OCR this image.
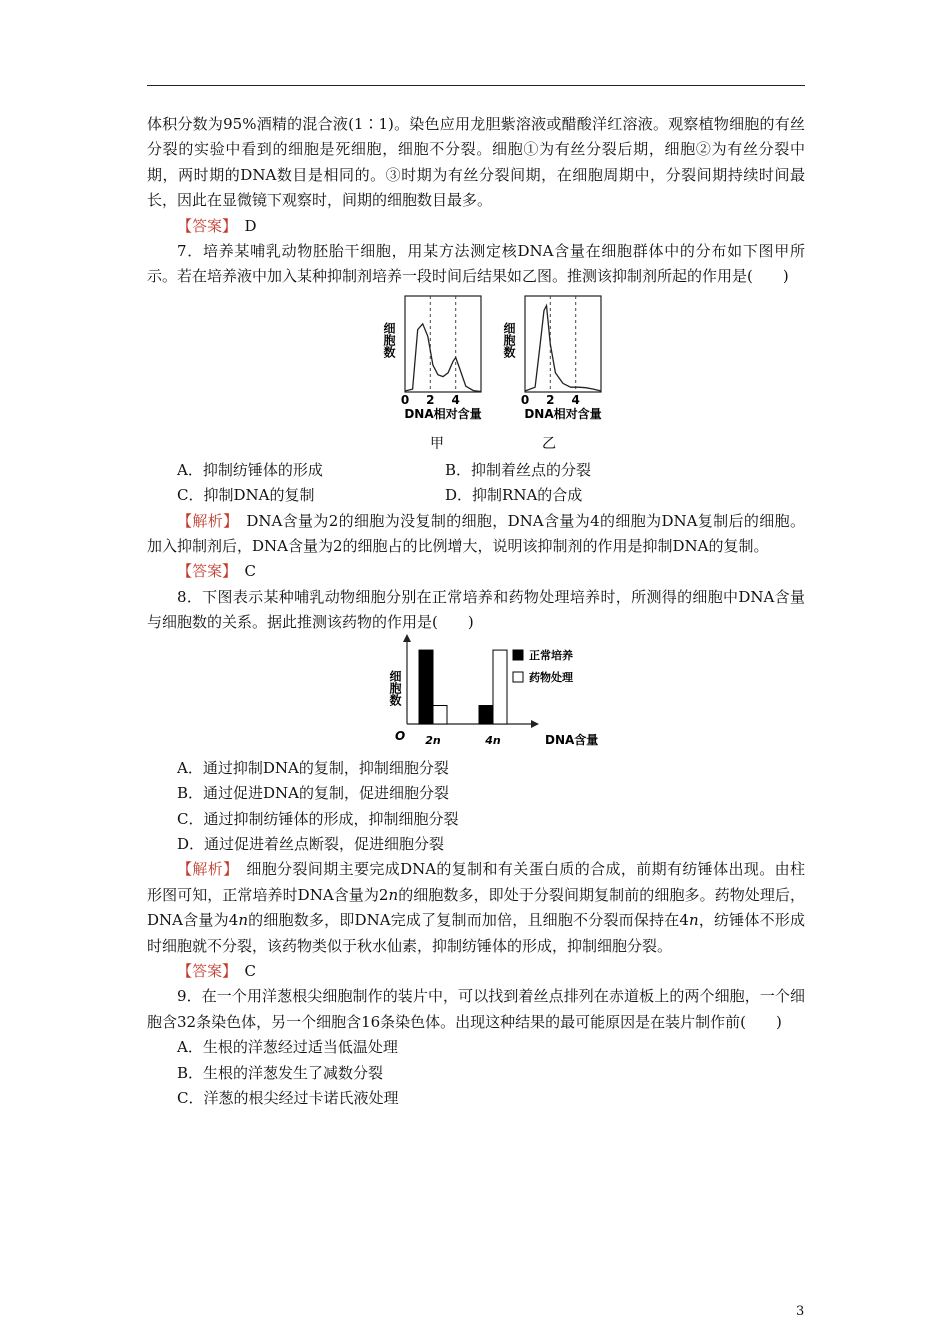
体积分数为95%酒精的混合液(1∶1)。染色应用龙胆紫溶液或醋酸洋红溶液。观察植物细胞的有丝分裂的实验中看到的细胞是死细胞，细胞不分裂。细胞①为有丝分裂后期，细胞②为有丝分裂中期，两时期的DNA数目是相同的。③时期为有丝分裂间期，在细胞周期中，分裂间期持续时间最长，因此在显微镜下观察时，间期的细胞数目最多。

【答案】　 D

7．培养某哺乳动物胚胎干细胞，用某方法测定核DNA含量在细胞群体中的分布如下图甲所示。若在培养液中加入某种抑制剂培养一段时间后结果如乙图。推测该抑制剂所起的作用是(　　)

细胞数
0 2 4
DNA相对含量
甲
细胞数
0 2 4
DNA相对含量
乙
A．抑制纺锤体的形成	B．抑制着丝点的分裂
C．抑制DNA的复制	D．抑制RNA的合成

【解析】　 DNA含量为2的细胞为没复制的细胞，DNA含量为4的细胞为DNA复制后的细胞。加入抑制剂后，DNA含量为2的细胞占的比例增大，说明该抑制剂的作用是抑制DNA的复制。

【答案】　 C

8．下图表示某种哺乳动物细胞分别在正常培养和药物处理培养时，所测得的细胞中DNA含量与细胞数的关系。据此推测该药物的作用是(　　)

细胞数
O 2n	4n	DNA含量
正常培养
药物处理

A．通过抑制DNA的复制，抑制细胞分裂

B．通过促进DNA的复制，促进细胞分裂

C．通过抑制纺锤体的形成，抑制细胞分裂

D．通过促进着丝点断裂，促进细胞分裂

【解析】　 细胞分裂间期主要完成DNA的复制和有关蛋白质的合成，前期有纺锤体出现。由柱形图可知，正常培养时DNA含量为2n的细胞数多，即处于分裂间期复制前的细胞多。药物处理后，DNA含量为4n的细胞数多，即DNA完成了复制而加倍，且细胞不分裂而保持在4n，纺锤体不形成时细胞就不分裂，该药物类似于秋水仙素，抑制纺锤体的形成，抑制细胞分裂。

【答案】　 C

9．在一个用洋葱根尖细胞制作的装片中，可以找到着丝点排列在赤道板上的两个细胞，一个细胞含32条染色体，另一个细胞含16条染色体。出现这种结果的最可能原因是在装片制作前(　　)

A．生根的洋葱经过适当低温处理

B．生根的洋葱发生了减数分裂

C．洋葱的根尖经过卡诺氏液处理

3
